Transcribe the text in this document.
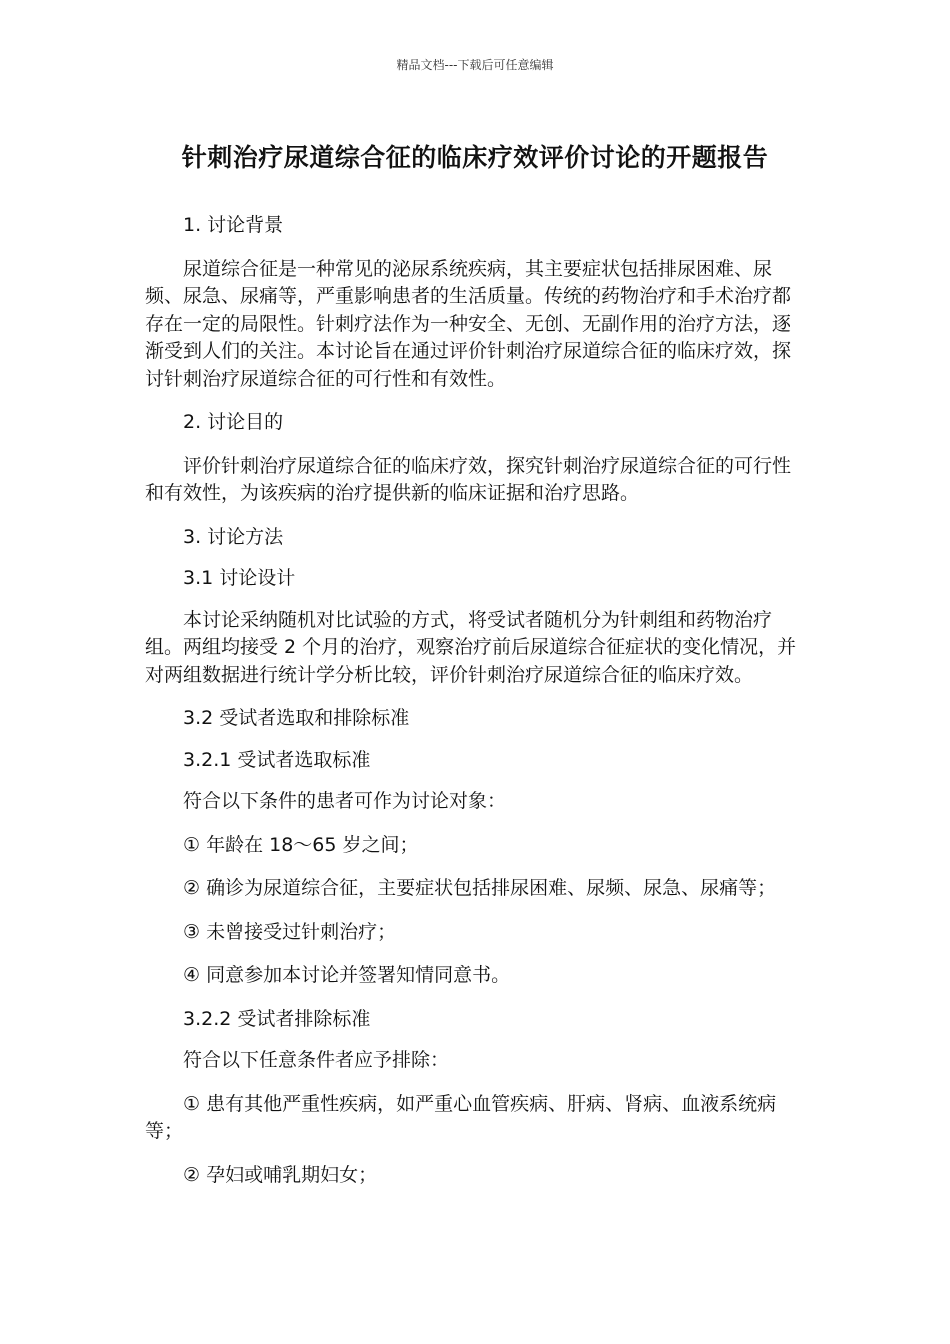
精品文档---下载后可任意编辑
针刺治疗尿道综合征的临床疗效评价讨论的开题报告

1. 讨论背景

尿道综合征是一种常见的泌尿系统疾病，其主要症状包括排尿困难、尿频、尿急、尿痛等，严重影响患者的生活质量。传统的药物治疗和手术治疗都存在一定的局限性。针刺疗法作为一种安全、无创、无副作用的治疗方法，逐渐受到人们的关注。本讨论旨在通过评价针刺治疗尿道综合征的临床疗效，探讨针刺治疗尿道综合征的可行性和有效性。

2. 讨论目的

评价针刺治疗尿道综合征的临床疗效，探究针刺治疗尿道综合征的可行性和有效性，为该疾病的治疗提供新的临床证据和治疗思路。

3. 讨论方法

3.1 讨论设计

本讨论采纳随机对比试验的方式，将受试者随机分为针刺组和药物治疗组。两组均接受 2 个月的治疗，观察治疗前后尿道综合征症状的变化情况，并对两组数据进行统计学分析比较，评价针刺治疗尿道综合征的临床疗效。

3.2 受试者选取和排除标准

3.2.1 受试者选取标准

符合以下条件的患者可作为讨论对象：

① 年龄在 18～65 岁之间；

② 确诊为尿道综合征，主要症状包括排尿困难、尿频、尿急、尿痛等；

③ 未曾接受过针刺治疗；

④ 同意参加本讨论并签署知情同意书。

3.2.2 受试者排除标准

符合以下任意条件者应予排除：

① 患有其他严重性疾病，如严重心血管疾病、肝病、肾病、血液系统病等；

② 孕妇或哺乳期妇女；
